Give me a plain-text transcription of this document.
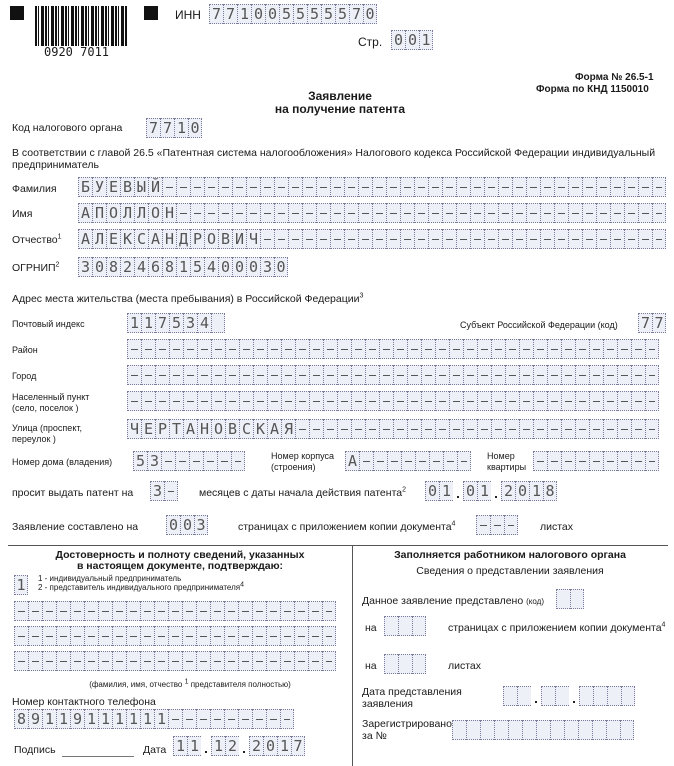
0920 7011
ИНН 7 7 1 0 0 5 5 5 5 5 7 0
Стр. 0 0 1
Форма № 26.5-1
Форма по КНД 1150010
Заявление
на получение патента
Код налогового органа 7 7 1 0
В соответствии с главой 26.5 «Патентная система налогообложения» Налогового кодекса Российской Федерации индивидуальный
предприниматель
Фамилия Б У Е В Ы Й
Имя	А П О Л Л О Н
Отчество$^1$ А Л Е К С А Н Д Р О В И Ч
ОГРНИП$^2$ 3 0 8 2 4 6 8 1 5 4 0 0 0 3 0
Адрес места жительства (места пребывания) в Российской Федерации$^3$
Почтовый индекс	1 1 7 5 3 4	Субъект Российской Федерации (код) 7 7
Район
Город
Населенный пункт
(село, поселок )
Улица (проспект,
переулок )
Ч Е Р Т А Н О В С К А Я
Номер дома (владения) 5 3	Номер корпуса
(строения) А	Номер
квартиры
просит выдать патент на 3	месяцев с даты начала действия патента$^2$ 0 1 0 1 2 0 1 8
Заявление составлено на 0 0 3	страницах с приложением копии документа$^4$	листах
Достоверность и полноту сведений, указанных
в настоящем документе, подтверждаю:
1	1 - индивидуальный предприниматель
2 - представитель индивидуального предпринимателя$^4$
(фамилия, имя, отчество $^1$ представителя полностью)
Номер контактного телефона
8 9 1 1 9 1 1 1 1 1 1
Подпись	Дата 1 1 1 2 2 0 1 7
Заполняется работником налогового органа
Сведения о представлении заявления
Данное заявление представлено (код)
на	страницах с приложением копии документа$^4$
на	листах
Дата представления
заявления
Зарегистрировано
за №
